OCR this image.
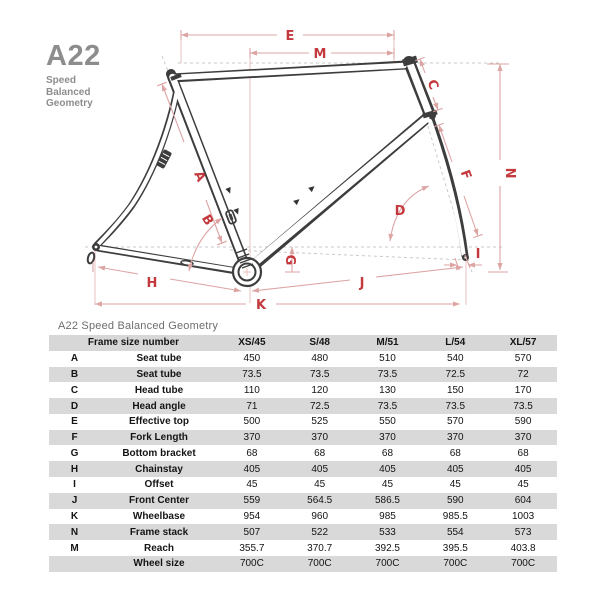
A22
Speed
Balanced
Geometry
E
M
C
N
F
D
A
B
G
H	J
K
I

A22 Speed Balanced Geometry

Frame size number		XS/45	S/48	M/51	L/54	XL/57
A	Seat tube	450	480	510	540	570
B	Seat tube	73.5	73.5	73.5	72.5	72
C	Head tube	110	120	130	150	170
D	Head angle	71	72.5	73.5	73.5	73.5
E	Effective top	500	525	550	570	590
F	Fork Length	370	370	370	370	370
G	Bottom bracket	68	68	68	68	68
H	Chainstay	405	405	405	405	405
I	Offset	45	45	45	45	45
J	Front Center	559	564.5	586.5	590	604
K	Wheelbase	954	960	985	985.5	1003
N	Frame stack	507	522	533	554	573
M	Reach	355.7	370.7	392.5	395.5	403.8
	Wheel size	700C	700C	700C	700C	700C
